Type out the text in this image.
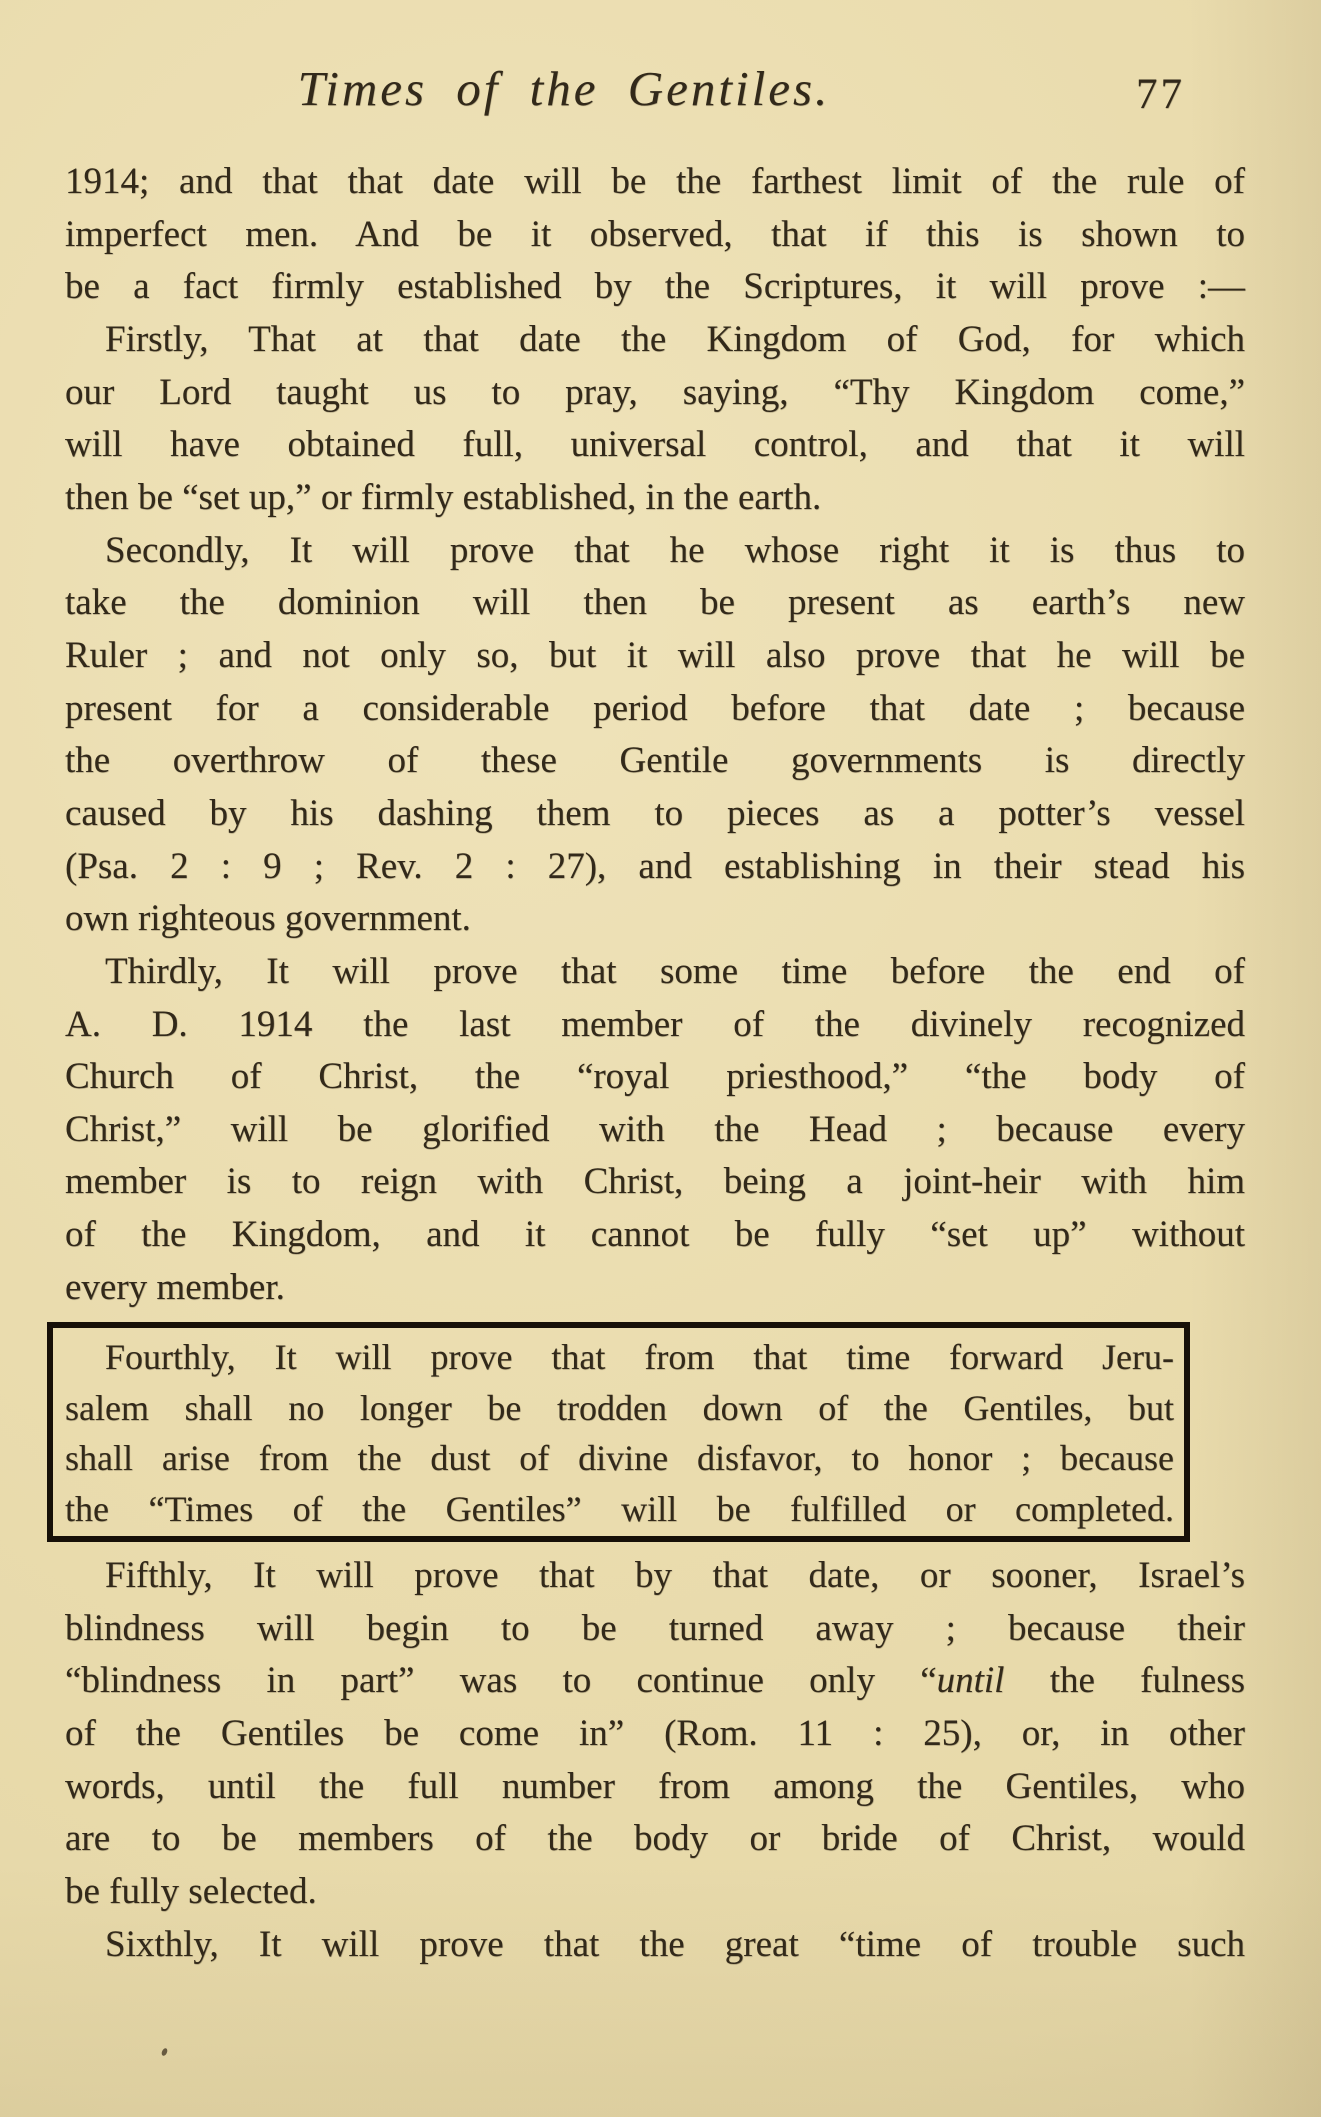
Times of the Gentiles.	77
1914; and that that date will be the farthest limit of the rule of
imperfect men. And be it observed, that if this is shown to
be a fact firmly established by the Scriptures, it will prove :—
Firstly, That at that date the Kingdom of God, for which
our Lord taught us to pray, saying, “Thy Kingdom come,”
will have obtained full, universal control, and that it will
then be “set up,” or firmly established, in the earth.
Secondly, It will prove that he whose right it is thus to
take the dominion will then be present as earth’s new
Ruler ; and not only so, but it will also prove that he will be
present for a considerable period before that date ; because
the overthrow of these Gentile governments is directly
caused by his dashing them to pieces as a potter’s vessel
(Psa. 2 : 9 ; Rev. 2 : 27), and establishing in their stead his
own righteous government.
Thirdly, It will prove that some time before the end of
A. D. 1914 the last member of the divinely recognized
Church of Christ, the “royal priesthood,” “the body of
Christ,” will be glorified with the Head ; because every
member is to reign with Christ, being a joint-heir with him
of the Kingdom, and it cannot be fully “set up” without
every member.
Fourthly, It will prove that from that time forward Jeru-
salem shall no longer be trodden down of the Gentiles, but
shall arise from the dust of divine disfavor, to honor ; because
the “Times of the Gentiles” will be fulfilled or completed.
Fifthly, It will prove that by that date, or sooner, Israel’s
blindness will begin to be turned away ; because their
“blindness in part” was to continue only “until the fulness
of the Gentiles be come in” (Rom. 11 : 25), or, in other
words, until the full number from among the Gentiles, who
are to be members of the body or bride of Christ, would
be fully selected.
Sixthly, It will prove that the great “time of trouble such
